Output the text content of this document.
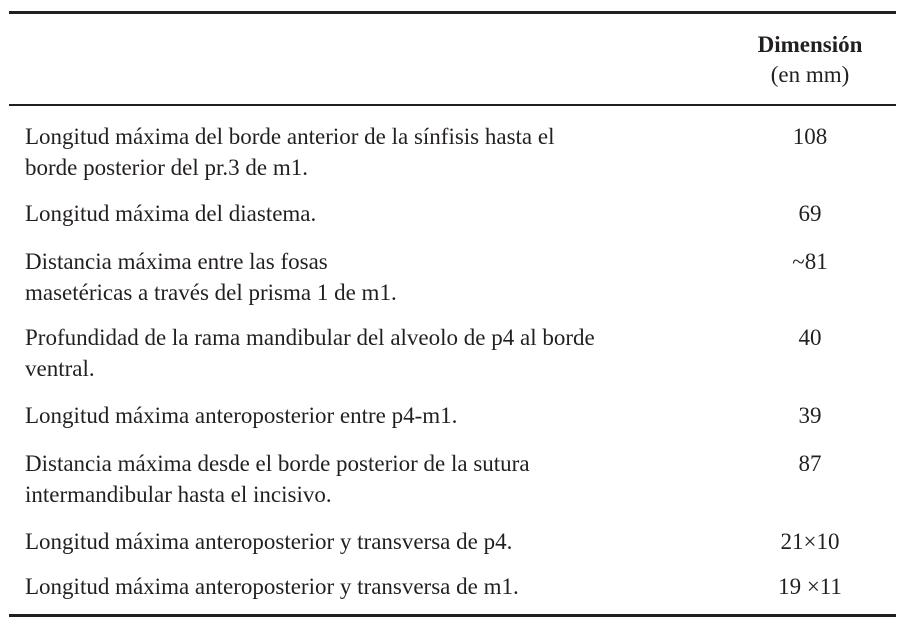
Dimensión
(en mm)
Longitud máxima del borde anterior de la sínfisis hasta el
borde posterior del pr.3 de m1.
108
Longitud máxima del diastema.	69
Distancia máxima entre las fosas
masetéricas a través del prisma 1 de m1.
~81
Profundidad de la rama mandibular del alveolo de p4 al borde
ventral.
40
Longitud máxima anteroposterior entre p4-m1.	39
Distancia máxima desde el borde posterior de la sutura
intermandibular hasta el incisivo.
87
Longitud máxima anteroposterior y transversa de p4.	21×10
Longitud máxima anteroposterior y transversa de m1.	19 ×11
